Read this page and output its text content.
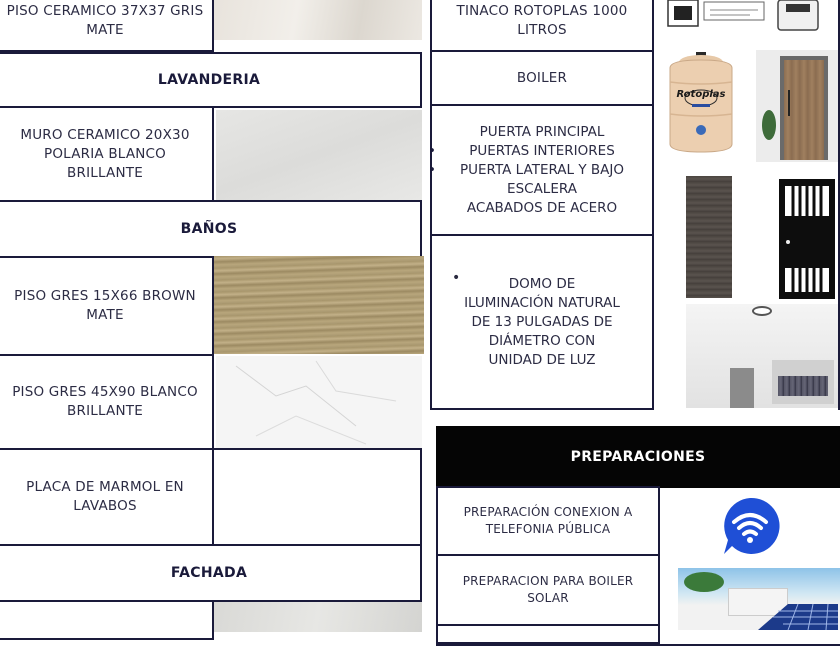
PISO CERAMICO 37X37 GRIS MATE
LAVANDERIA
MURO CERAMICO 20X30 POLARIA BLANCO BRILLANTE
BAÑOS
PISO GRES 15X66 BROWN MATE
PISO GRES 45X90 BLANCO BRILLANTE
PLACA DE MARMOL EN LAVABOS
FACHADA
TINACO ROTOPLAS 1000 LITROS
BOILER
PUERTA PRINCIPAL
• PUERTAS INTERIORES
• PUERTA LATERAL Y BAJO ESCALERA
ACABADOS DE ACERO
•	DOMO DE ILUMINACIÓN NATURAL DE 13 PULGADAS DE DIÁMETRO CON UNIDAD DE LUZ
Rotoplas
PREPARACIONES
PREPARACIÓN CONEXION A TELEFONIA PÚBLICA
PREPARACION PARA BOILER SOLAR
